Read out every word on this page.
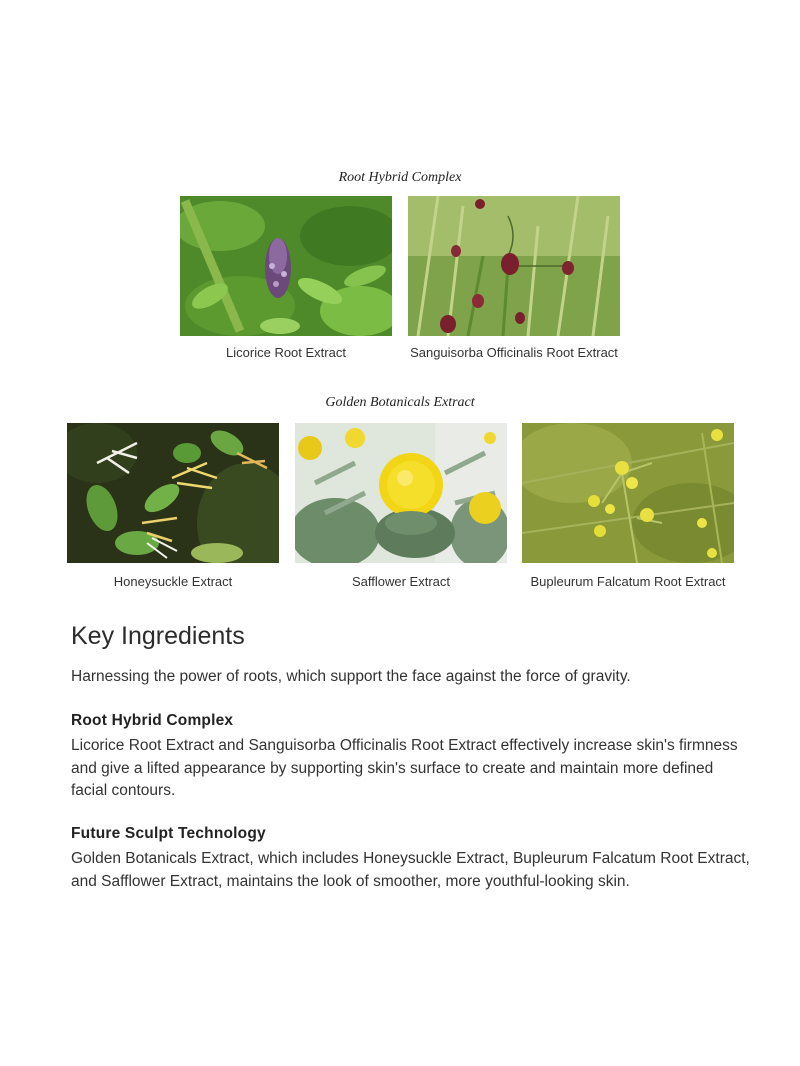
Root Hybrid Complex
Licorice Root Extract	Sanguisorba Officinalis Root Extract
Golden Botanicals Extract
Honeysuckle Extract	Safflower Extract	Bupleurum Falcatum Root Extract
Key Ingredients
Harnessing the power of roots, which support the face against the force of gravity.
Root Hybrid Complex
Licorice Root Extract and Sanguisorba Officinalis Root Extract effectively increase skin's firmness and give a lifted appearance by supporting skin's surface to create and maintain more defined facial contours.
Future Sculpt Technology
Golden Botanicals Extract, which includes Honeysuckle Extract, Bupleurum Falcatum Root Extract, and Safflower Extract, maintains the look of smoother, more youthful-looking skin.
